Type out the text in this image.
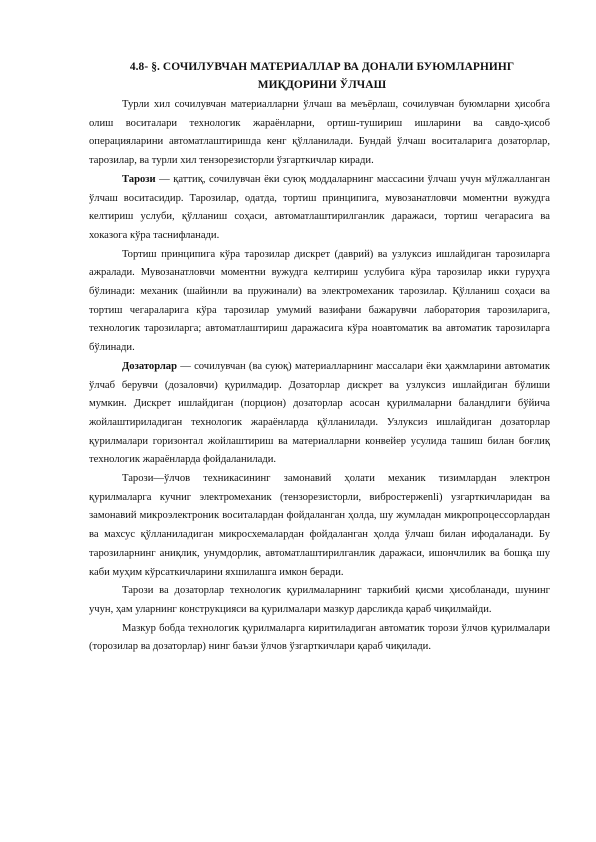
4.8- §. СОЧИЛУВЧАН МАТЕРИАЛЛАР ВА ДОНАЛИ БУЮМЛАРНИНГ
МИҚДОРИНИ ЎЛЧАШ

Турли хил сочилувчан материалларни ўлчаш ва меъёрлаш, сочилувчан буюмларни ҳисобга олиш воситалари технологик жараёнларни, ортиш-тушириш ишларини ва савдо-ҳисоб операцияларини автоматлаштиришда кенг қўлланилади. Бундай ўлчаш воситаларига дозаторлар, тарозилар, ва турли хил тензорезисторли ўзгарткичлар киради.

Тарози — қаттиқ, сочилувчан ёки суюқ моддаларнинг массасини ўлчаш учун мўлжалланган ўлчаш воситасидир. Тарозилар, одатда, тортиш принципига, мувозанатловчи моментни вужудга келтириш услуби, қўлланиш соҳаси, автоматлаштирилганлик даражаси, тортиш чегарасига ва хоказога кўра таснифланади.

Тортиш принципига кўра тарозилар дискрет (даврий) ва узлуксиз ишлайдиган тарозиларга ажралади. Мувозанатловчи моментни вужудга келтириш услубига кўра тарозилар икки гуруҳга бўлинади: механик (шайинли ва пружинали) ва электромеханик тарозилар. Қўлланиш соҳаси ва тортиш чегараларига кўра тарозилар умумий вазифани бажарувчи лаборатория тарозиларига, технологик тарозиларга; автоматлаштириш даражасига кўра ноавтоматик ва автоматик тарозиларга бўлинади.

Дозаторлар — сочилувчан (ва суюқ) материалларнинг массалари ёки ҳажмларини автоматик ўлчаб берувчи (дозаловчи) қурилмадир. Дозаторлар дискрет ва узлуксиз ишлайдиган бўлиши мумкин. Дискрет ишлайдиган (порцион) дозаторлар асосан қурилмаларни баландлиги бўйича жойлаштириладиган технологик жараёнларда қўлланилади. Узлуксиз ишлайдиган дозаторлар қурилмалари горизонтал жойлаштириш ва материалларни конвейер усулида ташиш билан боғлиқ технологик жараёнларда фойдаланилади.

Тарози—ўлчов техникасининг замонавий ҳолати механик тизимлардан электрон қурилмаларга кучниг электромеханик (тензорезисторли, вибростержenli) узгарткичларидан ва замонавий микроэлектроник воситалардан фойдаланган ҳолда, шу жумладан микропроцессорлардан ва махсус қўлланиладиган микросхемалардан фойдаланган ҳолда ўлчаш билан ифодаланади. Бу тарозиларнинг аниқлик, унумдорлик, автоматлаштирилганлик даражаси, ишончлилик ва бошқа шу каби муҳим кўрсаткичларини яхшилашга имкон беради.

Тарози ва дозаторлар технологик қурилмаларнинг таркибий қисми ҳисобланади, шунинг учун, ҳам уларнинг конструкцияси ва қурилмалари мазкур дарсликда қараб чиқилмайди.

Мазкур бобда технологик қурилмаларга киритиладиган автоматик торози ўлчов қурилмалари (торозилар ва дозаторлар) нинг баъзи ўлчов ўзгарткичлари қараб чиқилади.
